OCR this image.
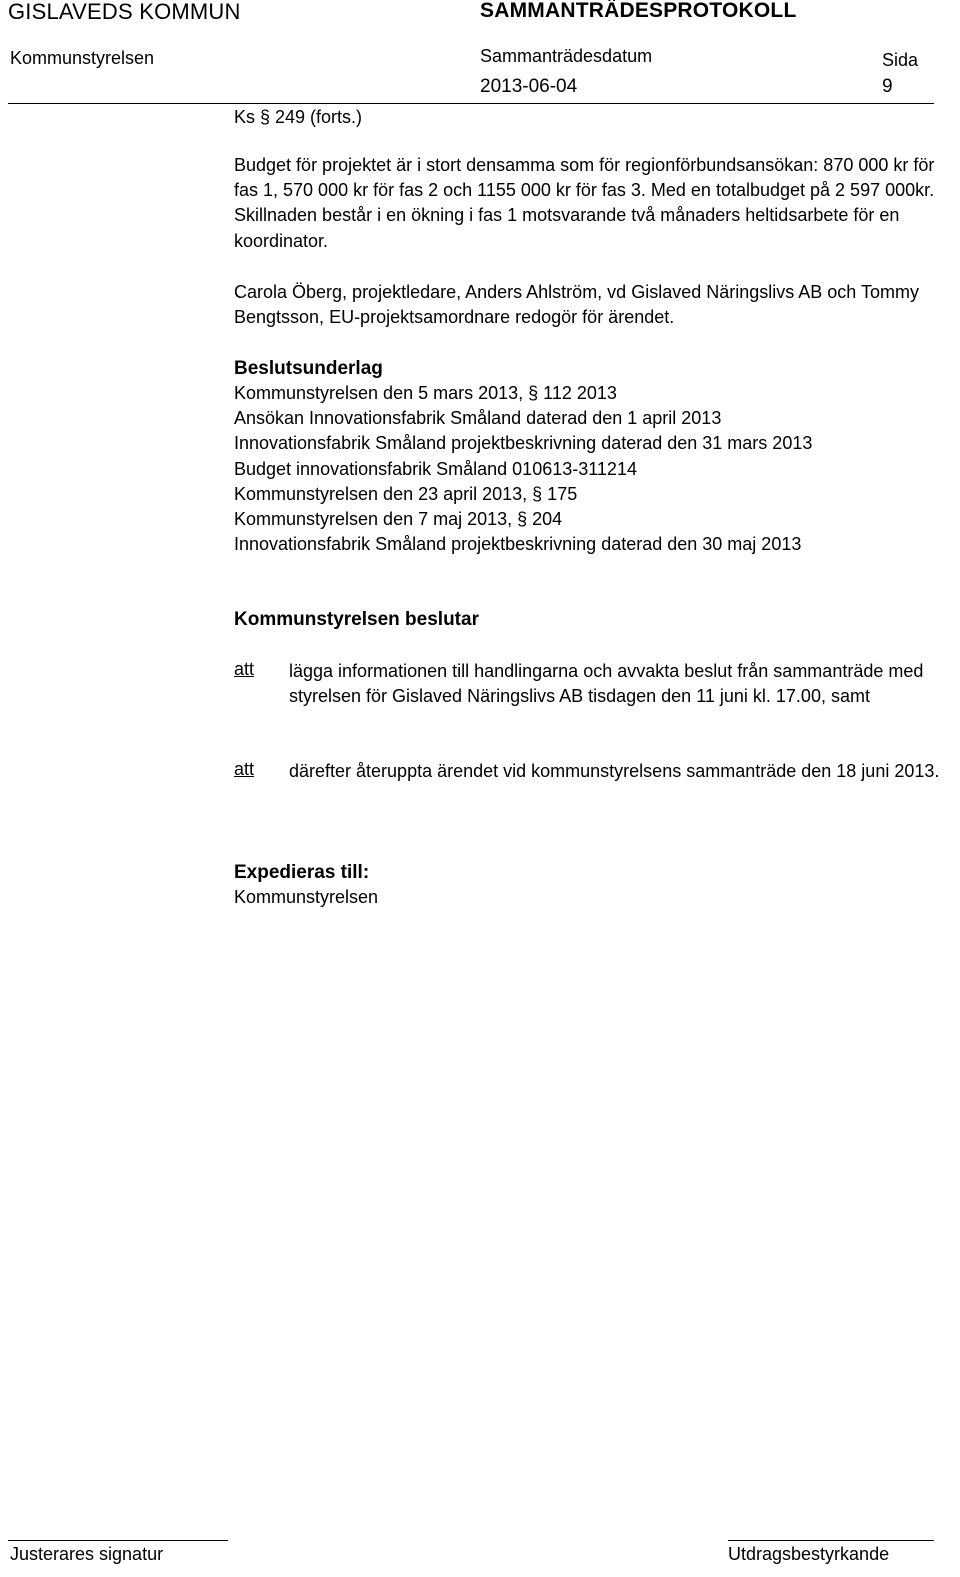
GISLAVEDS KOMMUN	SAMMANTRÄDESPROTOKOLL
Kommunstyrelsen	Sammanträdesdatum
2013-06-04
Sida
9
Ks § 249 (forts.)
Budget för projektet är i stort densamma som för regionförbundsansökan: 870 000 kr för fas 1, 570 000 kr för fas 2 och 1155 000 kr för fas 3. Med en totalbudget på 2 597 000kr. Skillnaden består i en ökning i fas 1 motsvarande två månaders heltidsarbete för en koordinator.
Carola Öberg, projektledare, Anders Ahlström, vd Gislaved Näringslivs AB och Tommy Bengtsson, EU-projektsamordnare redogör för ärendet.
Beslutsunderlag
Kommunstyrelsen den 5 mars 2013, § 112 2013
Ansökan Innovationsfabrik Småland daterad den 1 april 2013
Innovationsfabrik Småland projektbeskrivning daterad den 31 mars 2013
Budget innovationsfabrik Småland 010613-311214
Kommunstyrelsen den 23 april 2013, § 175
Kommunstyrelsen den 7 maj 2013, § 204
Innovationsfabrik Småland projektbeskrivning daterad den 30 maj 2013
Kommunstyrelsen beslutar
att lägga informationen till handlingarna och avvakta beslut från sammanträde med styrelsen för Gislaved Näringslivs AB tisdagen den 11 juni kl. 17.00, samt
att därefter återuppta ärendet vid kommunstyrelsens sammanträde den 18 juni 2013.
Expedieras till:
Kommunstyrelsen
Justerares signatur	Utdragsbestyrkande
